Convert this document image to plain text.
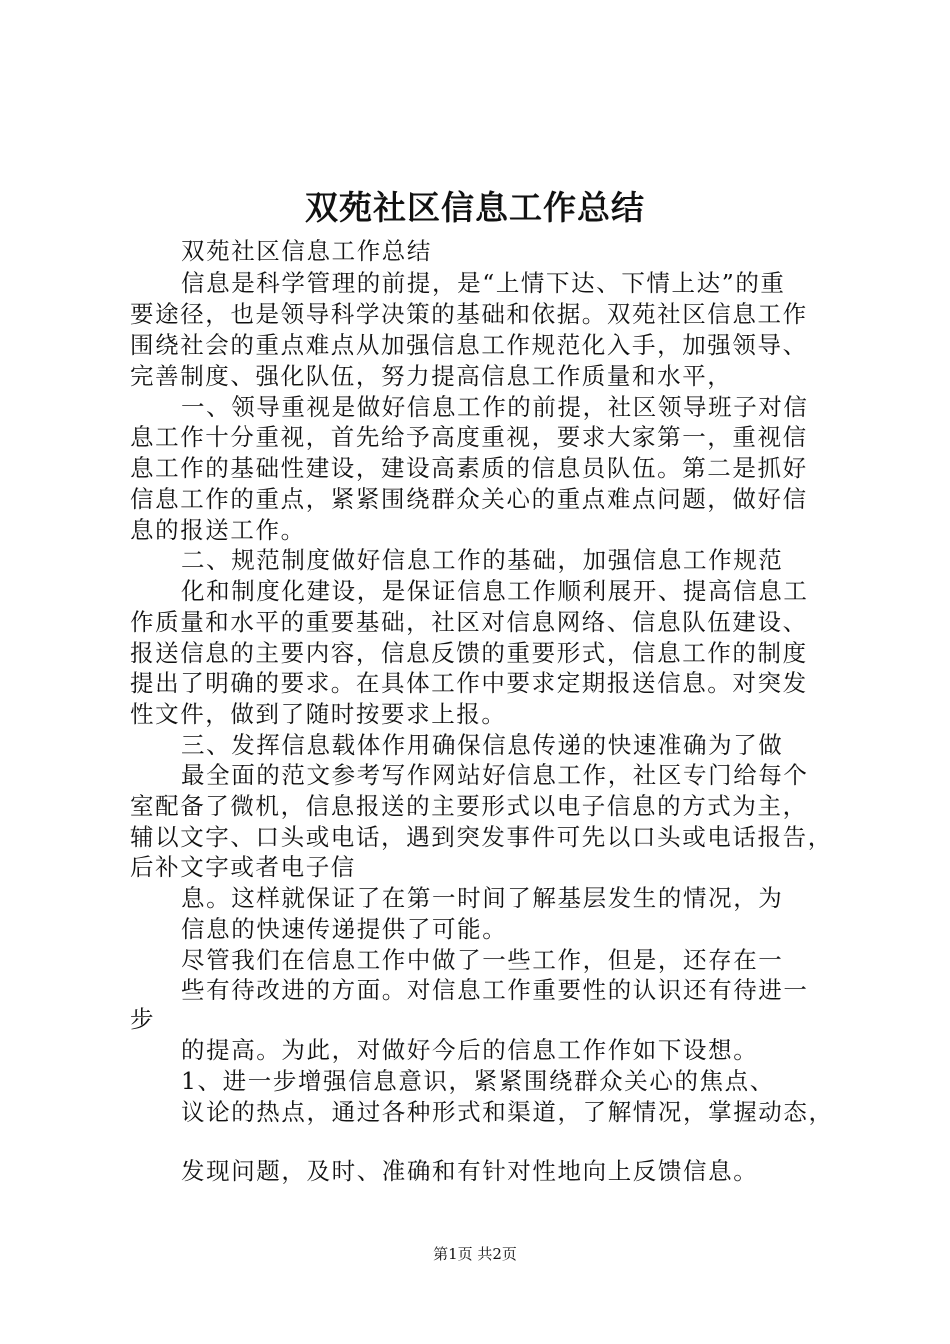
双苑社区信息工作总结
双苑社区信息工作总结
信息是科学管理的前提，是“上情下达、下情上达”的重
要途径，也是领导科学决策的基础和依据。双苑社区信息工作
围绕社会的重点难点从加强信息工作规范化入手，加强领导、
完善制度、强化队伍，努力提高信息工作质量和水平，
一、领导重视是做好信息工作的前提，社区领导班子对信
息工作十分重视，首先给予高度重视，要求大家第一，重视信
息工作的基础性建设，建设高素质的信息员队伍。第二是抓好
信息工作的重点，紧紧围绕群众关心的重点难点问题，做好信
息的报送工作。
二、规范制度做好信息工作的基础，加强信息工作规范
化和制度化建设，是保证信息工作顺利展开、提高信息工
作质量和水平的重要基础，社区对信息网络、信息队伍建设、
报送信息的主要内容，信息反馈的重要形式，信息工作的制度
提出了明确的要求。在具体工作中要求定期报送信息。对突发
性文件，做到了随时按要求上报。
三、发挥信息载体作用确保信息传递的快速准确为了做
最全面的范文参考写作网站好信息工作，社区专门给每个
室配备了微机，信息报送的主要形式以电子信息的方式为主，
辅以文字、口头或电话，遇到突发事件可先以口头或电话报告，
后补文字或者电子信
息。这样就保证了在第一时间了解基层发生的情况，为
信息的快速传递提供了可能。
尽管我们在信息工作中做了一些工作，但是，还存在一
些有待改进的方面。对信息工作重要性的认识还有待进一
步
的提高。为此，对做好今后的信息工作作如下设想。
1、进一步增强信息意识，紧紧围绕群众关心的焦点、
议论的热点，通过各种形式和渠道，了解情况，掌握动态，
发现问题，及时、准确和有针对性地向上反馈信息。
第1页 共2页
